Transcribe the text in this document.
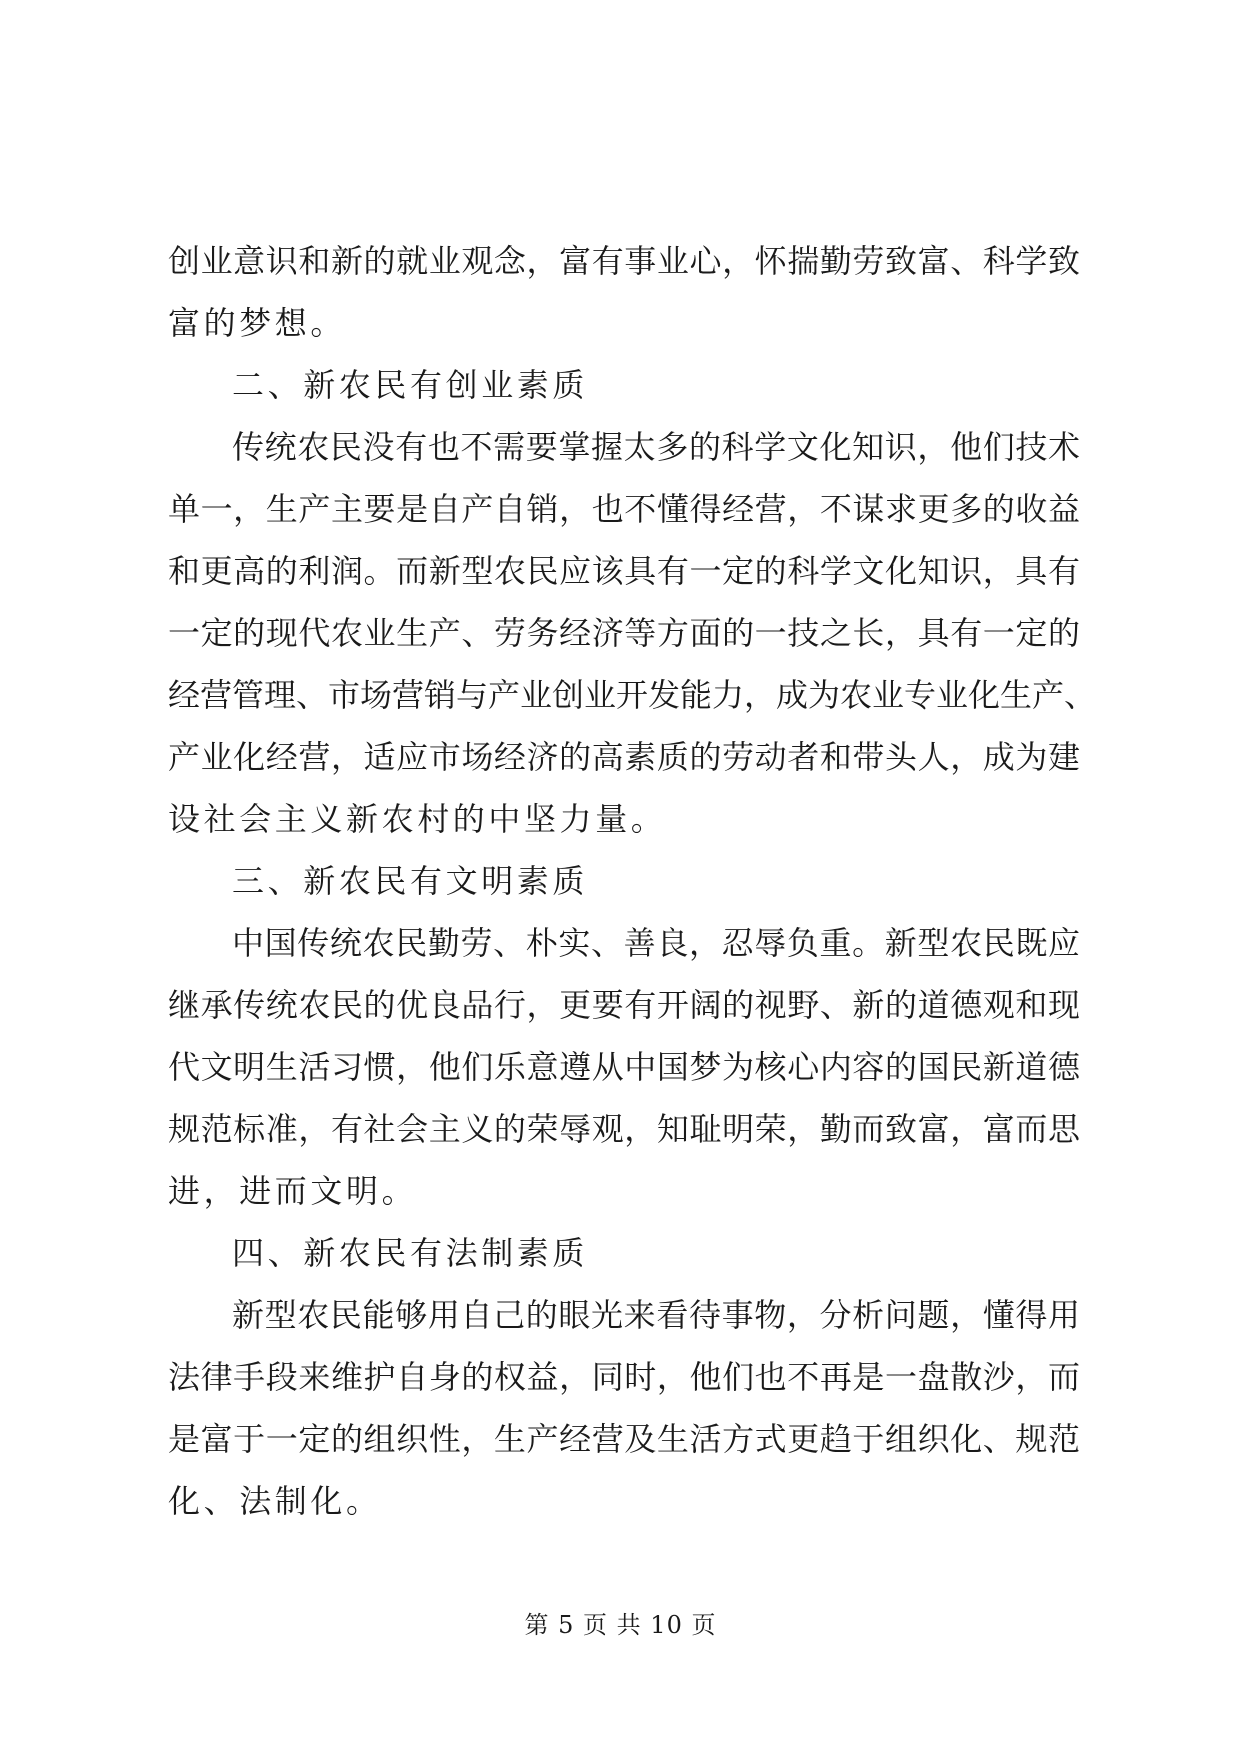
创业意识和新的就业观念，富有事业心，怀揣勤劳致富、科学致
富的梦想。
二、新农民有创业素质
传统农民没有也不需要掌握太多的科学文化知识，他们技术
单一，生产主要是自产自销，也不懂得经营，不谋求更多的收益
和更高的利润。而新型农民应该具有一定的科学文化知识，具有
一定的现代农业生产、劳务经济等方面的一技之长，具有一定的
经营管理、市场营销与产业创业开发能力，成为农业专业化生产、
产业化经营，适应市场经济的高素质的劳动者和带头人，成为建
设社会主义新农村的中坚力量。
三、新农民有文明素质
中国传统农民勤劳、朴实、善良，忍辱负重。新型农民既应
继承传统农民的优良品行，更要有开阔的视野、新的道德观和现
代文明生活习惯，他们乐意遵从中国梦为核心内容的国民新道德
规范标准，有社会主义的荣辱观，知耻明荣，勤而致富，富而思
进，进而文明。
四、新农民有法制素质
新型农民能够用自己的眼光来看待事物，分析问题，懂得用
法律手段来维护自身的权益，同时，他们也不再是一盘散沙，而
是富于一定的组织性，生产经营及生活方式更趋于组织化、规范
化、法制化。
第 5 页 共 10 页
